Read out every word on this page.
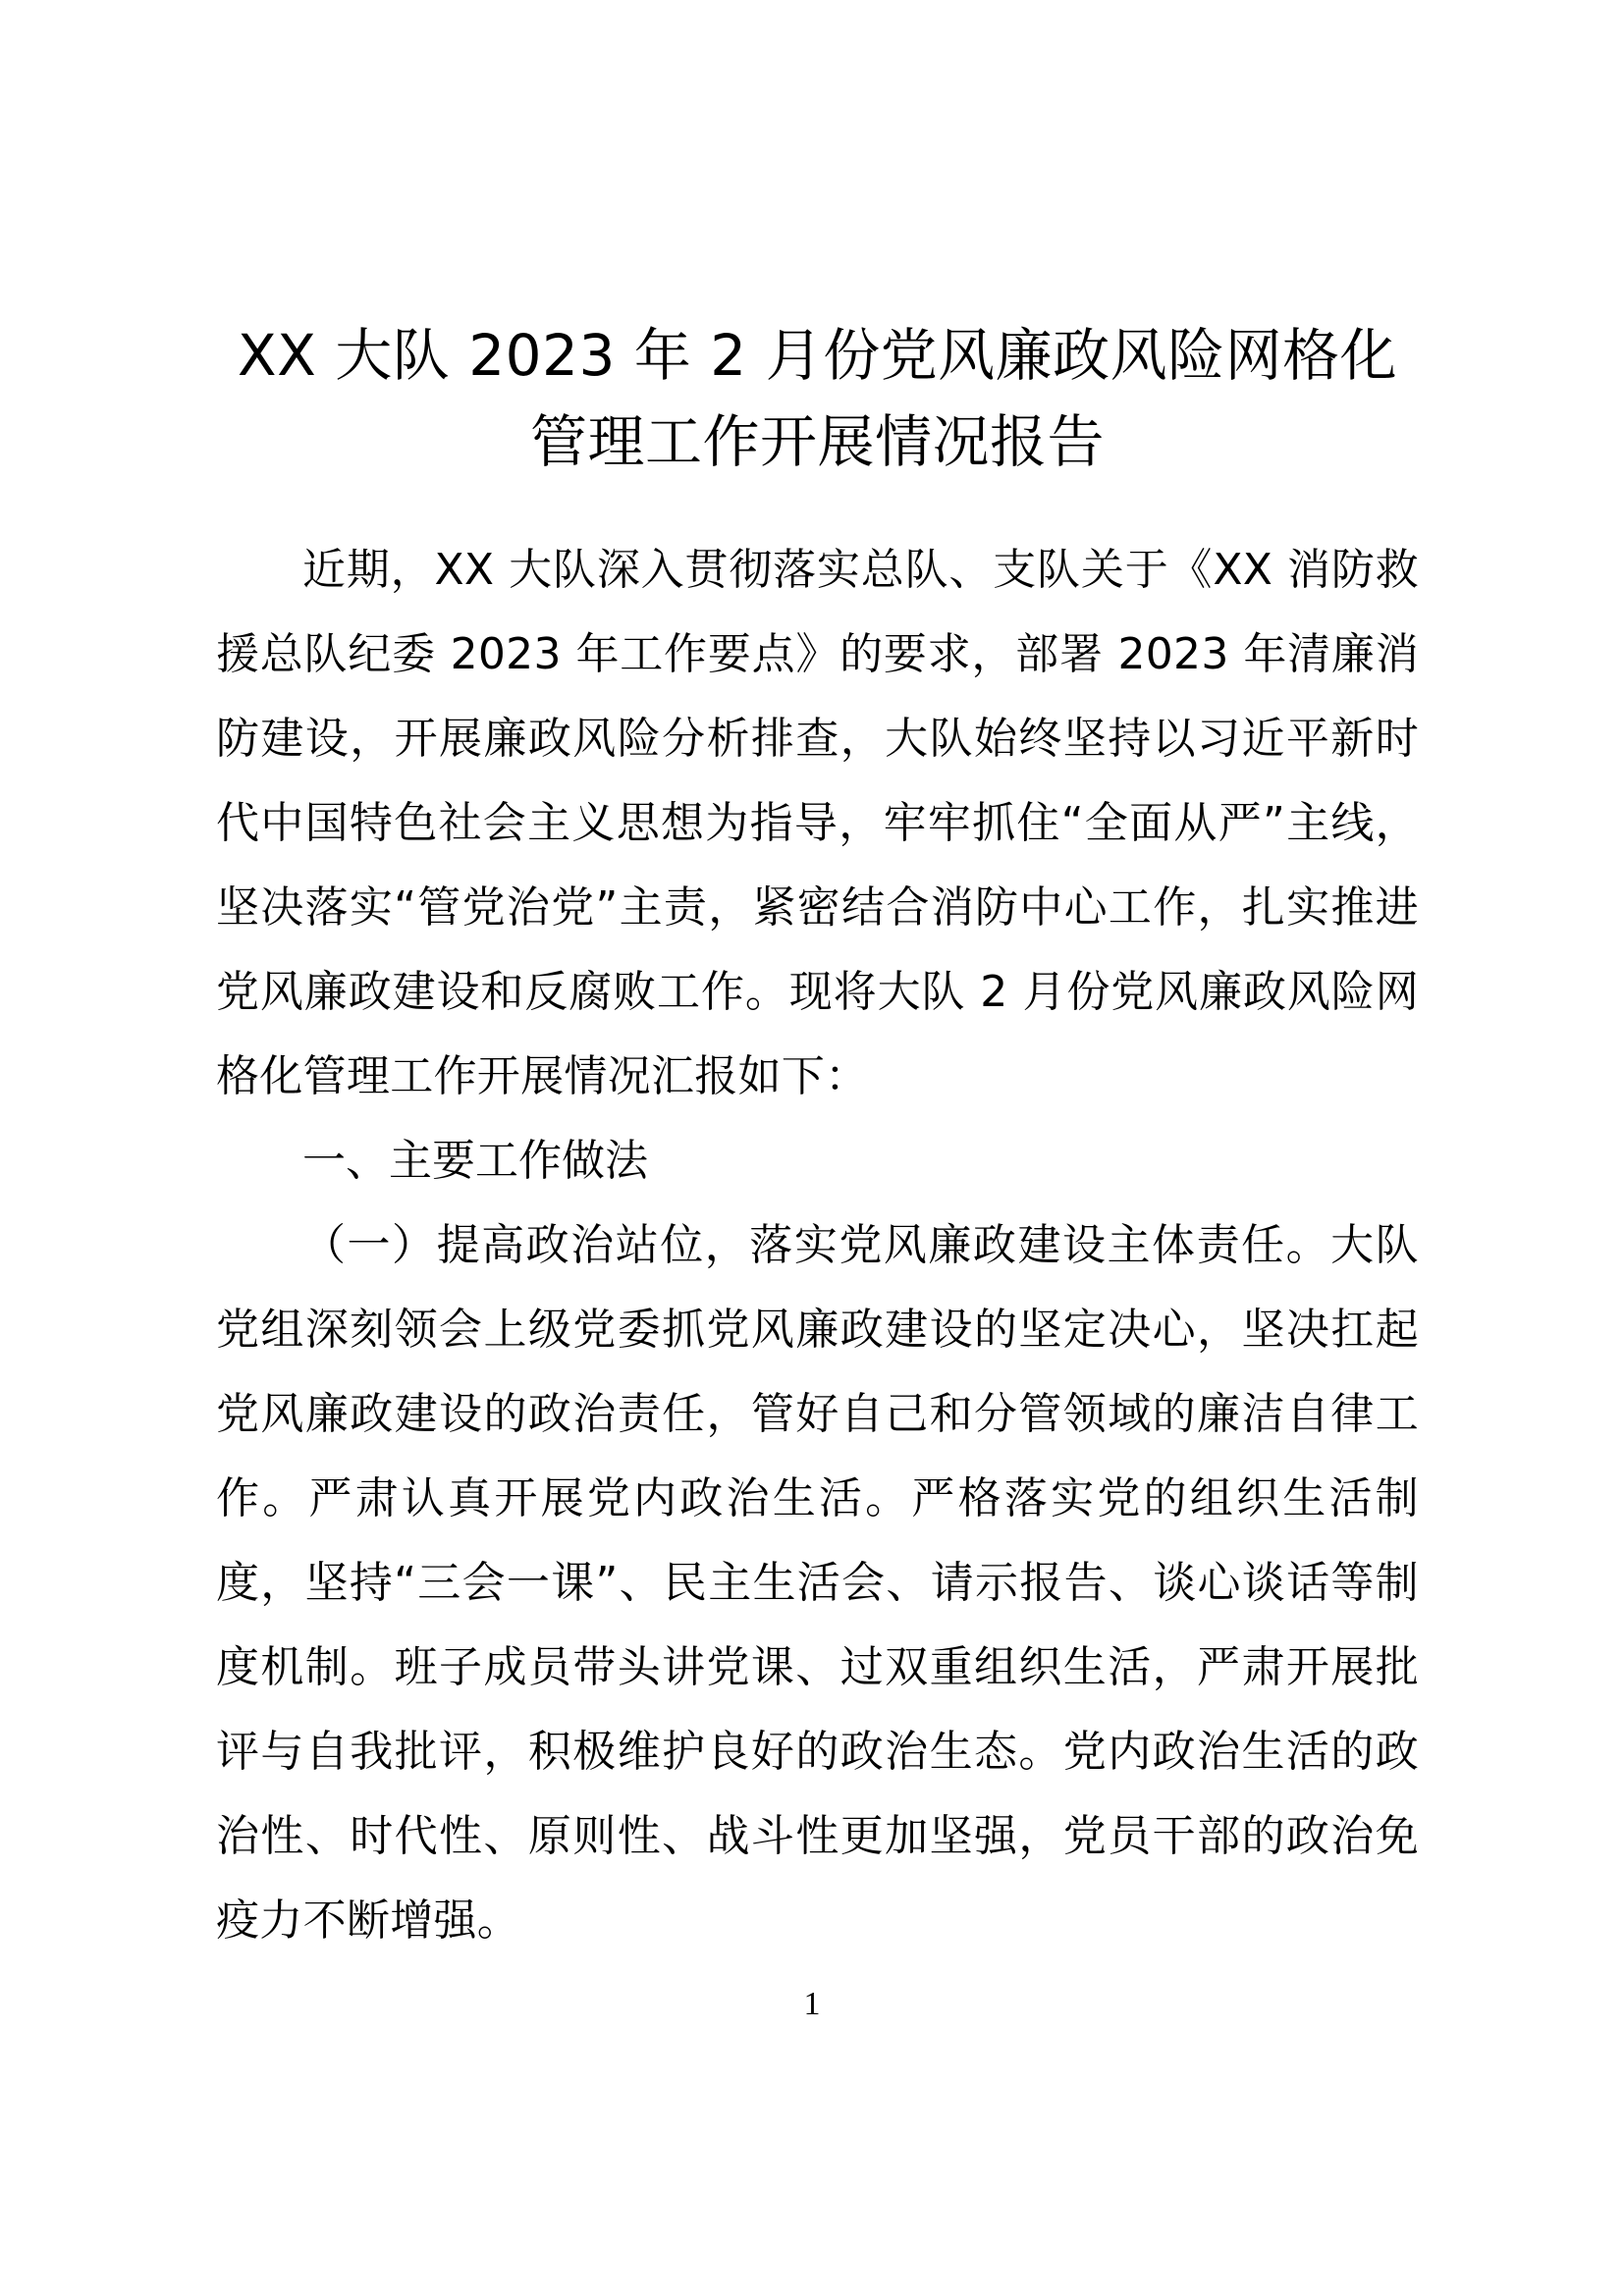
XX 大队 2023 年 2 月份党风廉政风险网格化
管理工作开展情况报告

近期，XX 大队深入贯彻落实总队、支队关于《XX 消防救援总队纪委 2023 年工作要点》的要求，部署 2023 年清廉消防建设，开展廉政风险分析排查，大队始终坚持以习近平新时代中国特色社会主义思想为指导，牢牢抓住“全面从严”主线，坚决落实“管党治党”主责，紧密结合消防中心工作，扎实推进党风廉政建设和反腐败工作。现将大队 2 月份党风廉政风险网格化管理工作开展情况汇报如下：

一、主要工作做法

（一）提高政治站位，落实党风廉政建设主体责任。大队党组深刻领会上级党委抓党风廉政建设的坚定决心，坚决扛起党风廉政建设的政治责任，管好自己和分管领域的廉洁自律工作。严肃认真开展党内政治生活。严格落实党的组织生活制度，坚持“三会一课”、民主生活会、请示报告、谈心谈话等制度机制。班子成员带头讲党课、过双重组织生活，严肃开展批评与自我批评，积极维护良好的政治生态。党内政治生活的政治性、时代性、原则性、战斗性更加坚强，党员干部的政治免疫力不断增强。

1
